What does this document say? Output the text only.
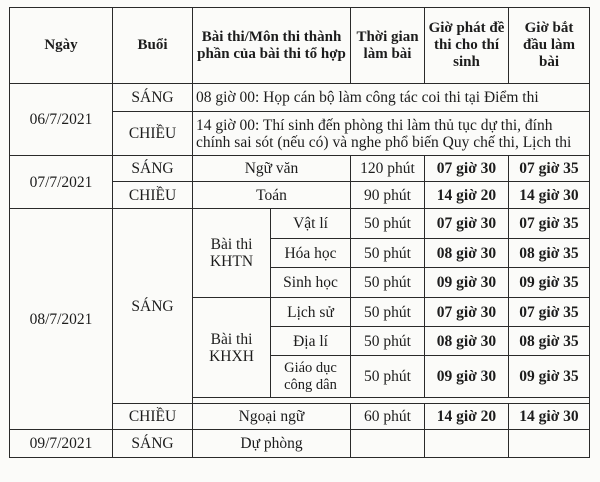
Ngày	Buổi	Bài thi/Môn thi thành phần của bài thi tổ hợp		Thời gian làm bài	Giờ phát đề thi cho thí sinh	Giờ bắt đầu làm bài
06/7/2021	SÁNG	08 giờ 00: Họp cán bộ làm công tác coi thi tại Điểm thi				
	CHIỀU	14 giờ 00: Thí sinh đến phòng thi làm thủ tục dự thi, đính chính sai sót (nếu có) và nghe phổ biến Quy chế thi, Lịch thi				
07/7/2021	SÁNG	Ngữ văn		120 phút	07 giờ 30	07 giờ 35
	CHIỀU	Toán		90 phút	14 giờ 20	14 giờ 30
08/7/2021	SÁNG	Bài thi KHTN	Vật lí	50 phút	07 giờ 30	07 giờ 35
			Hóa học	50 phút	08 giờ 30	08 giờ 35
			Sinh học	50 phút	09 giờ 30	09 giờ 35
		Bài thi KHXH	Lịch sử	50 phút	07 giờ 30	07 giờ 35
			Địa lí	50 phút	08 giờ 30	08 giờ 35
			Giáo dục công dân	50 phút	09 giờ 30	09 giờ 35

	CHIỀU	Ngoại ngữ		60 phút	14 giờ 20	14 giờ 30
09/7/2021	SÁNG	Dự phòng				
